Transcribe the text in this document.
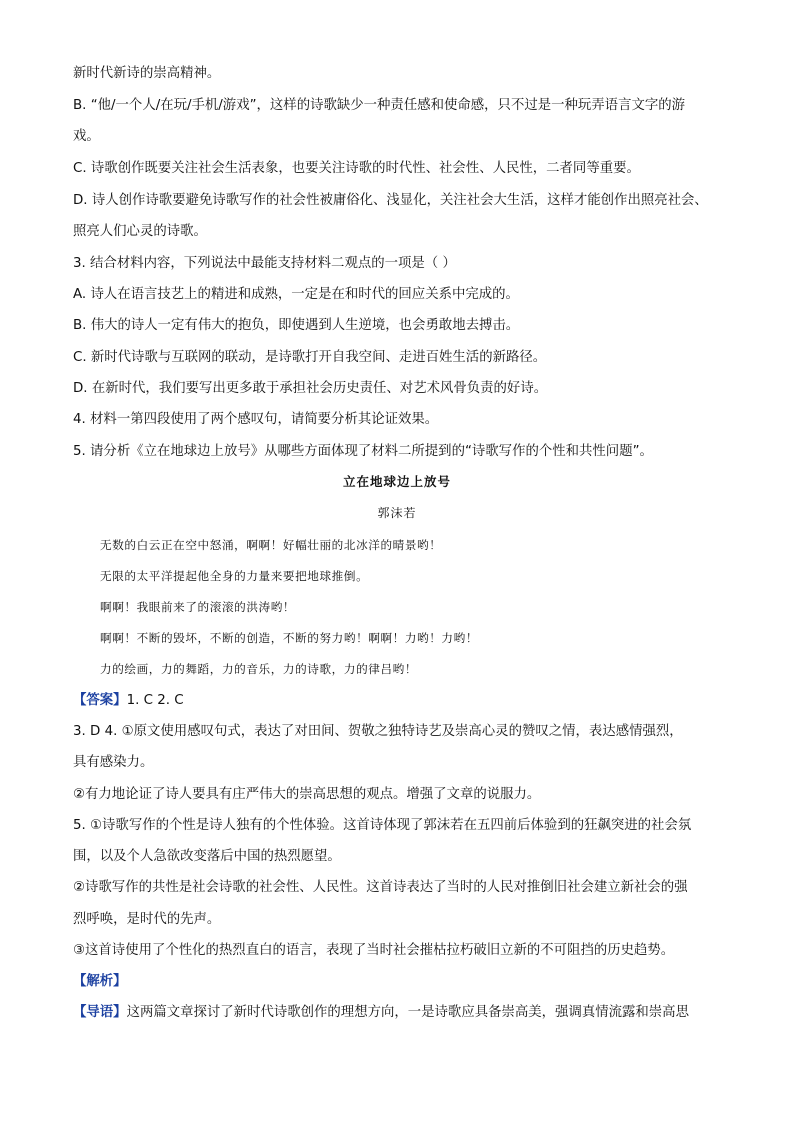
新时代新诗的崇高精神。
B. “他/一个人/在玩/手机/游戏”，这样的诗歌缺少一种责任感和使命感，只不过是一种玩弄语言文字的游
戏。
C. 诗歌创作既要关注社会生活表象，也要关注诗歌的时代性、社会性、人民性，二者同等重要。
D. 诗人创作诗歌要避免诗歌写作的社会性被庸俗化、浅显化，关注社会大生活，这样才能创作出照亮社会、
照亮人们心灵的诗歌。
3. 结合材料内容，下列说法中最能支持材料二观点的一项是（ ）
A. 诗人在语言技艺上的精进和成熟，一定是在和时代的回应关系中完成的。
B. 伟大的诗人一定有伟大的抱负，即使遇到人生逆境，也会勇敢地去搏击。
C. 新时代诗歌与互联网的联动，是诗歌打开自我空间、走进百姓生活的新路径。
D. 在新时代，我们要写出更多敢于承担社会历史责任、对艺术风骨负责的好诗。
4. 材料一第四段使用了两个感叹句，请简要分析其论证效果。
5. 请分析《立在地球边上放号》从哪些方面体现了材料二所提到的“诗歌写作的个性和共性问题”。
立在地球边上放号
郭沫若
无数的白云正在空中怒涌，啊啊！好幅壮丽的北冰洋的晴景哟！
无限的太平洋提起他全身的力量来要把地球推倒。
啊啊！我眼前来了的滚滚的洪涛哟！
啊啊！不断的毁坏，不断的创造，不断的努力哟！啊啊！力哟！力哟！
力的绘画，力的舞蹈，力的音乐，力的诗歌，力的律吕哟！
【答案】1. C 2. C
3. D 4. ①原文使用感叹句式，表达了对田间、贺敬之独特诗艺及崇高心灵的赞叹之情，表达感情强烈，
具有感染力。
②有力地论证了诗人要具有庄严伟大的崇高思想的观点。增强了文章的说服力。
5. ①诗歌写作的个性是诗人独有的个性体验。这首诗体现了郭沫若在五四前后体验到的狂飙突进的社会氛
围，以及个人急欲改变落后中国的热烈愿望。
②诗歌写作的共性是社会诗歌的社会性、人民性。这首诗表达了当时的人民对推倒旧社会建立新社会的强
烈呼唤，是时代的先声。
③这首诗使用了个性化的热烈直白的语言，表现了当时社会摧枯拉朽破旧立新的不可阻挡的历史趋势。
【解析】
【导语】这两篇文章探讨了新时代诗歌创作的理想方向，一是诗歌应具备崇高美，强调真情流露和崇高思
